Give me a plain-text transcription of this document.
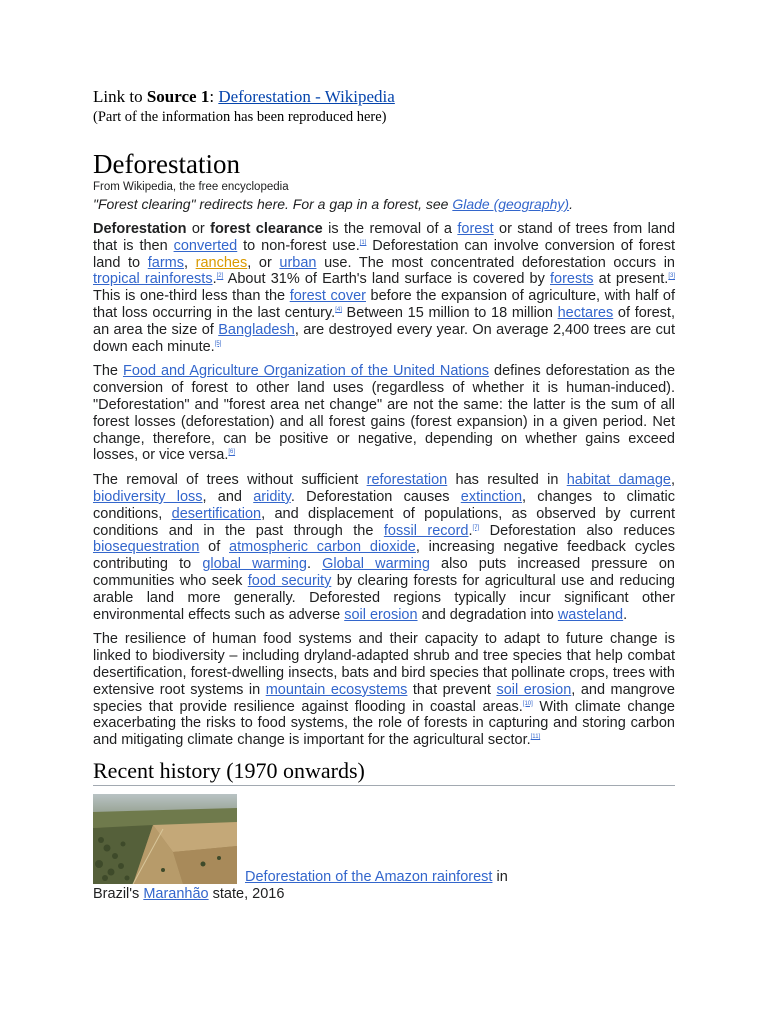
Link to Source 1: Deforestation - Wikipedia
(Part of the information has been reproduced here)
Deforestation
From Wikipedia, the free encyclopedia
"Forest clearing" redirects here. For a gap in a forest, see Glade (geography).

Deforestation or forest clearance is the removal of a forest or stand of trees from land that is then converted to non-forest use.[1] Deforestation can involve conversion of forest land to farms, ranches, or urban use. The most concentrated deforestation occurs in tropical rainforests.[2] About 31% of Earth's land surface is covered by forests at present.[3] This is one-third less than the forest cover before the expansion of agriculture, with half of that loss occurring in the last century.[4] Between 15 million to 18 million hectares of forest, an area the size of Bangladesh, are destroyed every year. On average 2,400 trees are cut down each minute.[5]

The Food and Agriculture Organization of the United Nations defines deforestation as the conversion of forest to other land uses (regardless of whether it is human-induced). "Deforestation" and "forest area net change" are not the same: the latter is the sum of all forest losses (deforestation) and all forest gains (forest expansion) in a given period. Net change, therefore, can be positive or negative, depending on whether gains exceed losses, or vice versa.[6]

The removal of trees without sufficient reforestation has resulted in habitat damage, biodiversity loss, and aridity. Deforestation causes extinction, changes to climatic conditions, desertification, and displacement of populations, as observed by current conditions and in the past through the fossil record.[7] Deforestation also reduces biosequestration of atmospheric carbon dioxide, increasing negative feedback cycles contributing to global warming. Global warming also puts increased pressure on communities who seek food security by clearing forests for agricultural use and reducing arable land more generally. Deforested regions typically incur significant other environmental effects such as adverse soil erosion and degradation into wasteland.

The resilience of human food systems and their capacity to adapt to future change is linked to biodiversity – including dryland-adapted shrub and tree species that help combat desertification, forest-dwelling insects, bats and bird species that pollinate crops, trees with extensive root systems in mountain ecosystems that prevent soil erosion, and mangrove species that provide resilience against flooding in coastal areas.[10] With climate change exacerbating the risks to food systems, the role of forests in capturing and storing carbon and mitigating climate change is important for the agricultural sector.[11]

Recent history (1970 onwards)
Deforestation of the Amazon rainforest in
Brazil's Maranhão state, 2016
